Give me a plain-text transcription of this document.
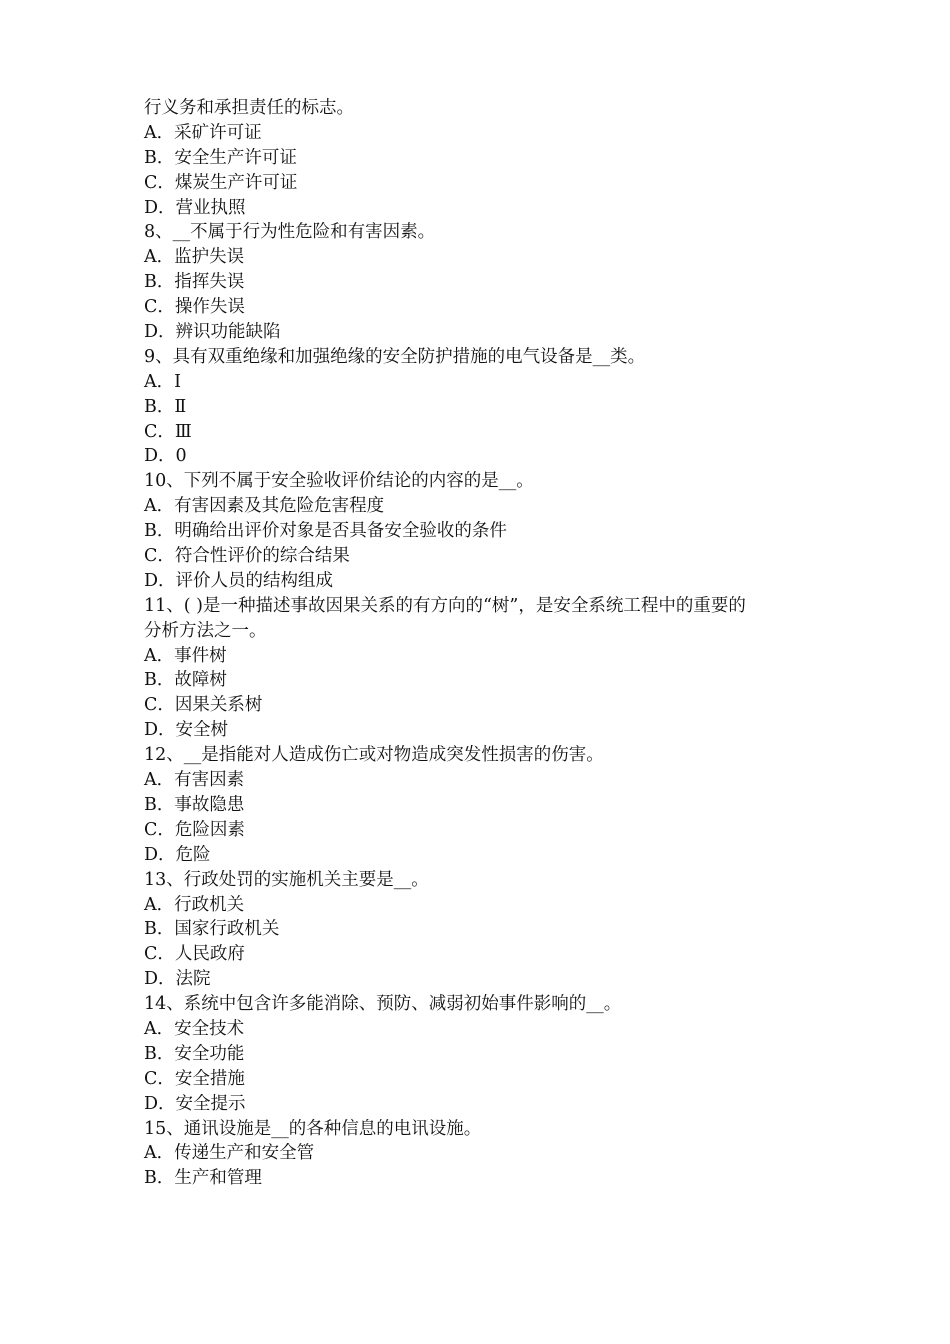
行义务和承担责任的标志。
A．采矿许可证
B．安全生产许可证
C．煤炭生产许可证
D．营业执照
8、__不属于行为性危险和有害因素。
A．监护失误
B．指挥失误
C．操作失误
D．辨识功能缺陷
9、具有双重绝缘和加强绝缘的安全防护措施的电气设备是__类。
A．Ⅰ
B．Ⅱ
C．Ⅲ
D．0
10、下列不属于安全验收评价结论的内容的是__。
A．有害因素及其危险危害程度
B．明确给出评价对象是否具备安全验收的条件
C．符合性评价的综合结果
D．评价人员的结构组成
11、( )是一种描述事故因果关系的有方向的“树”，是安全系统工程中的重要的
分析方法之一。
A．事件树
B．故障树
C．因果关系树
D．安全树
12、__是指能对人造成伤亡或对物造成突发性损害的伤害。
A．有害因素
B．事故隐患
C．危险因素
D．危险
13、行政处罚的实施机关主要是__。
A．行政机关
B．国家行政机关
C．人民政府
D．法院
14、系统中包含许多能消除、预防、减弱初始事件影响的__。
A．安全技术
B．安全功能
C．安全措施
D．安全提示
15、通讯设施是__的各种信息的电讯设施。
A．传递生产和安全管
B．生产和管理
